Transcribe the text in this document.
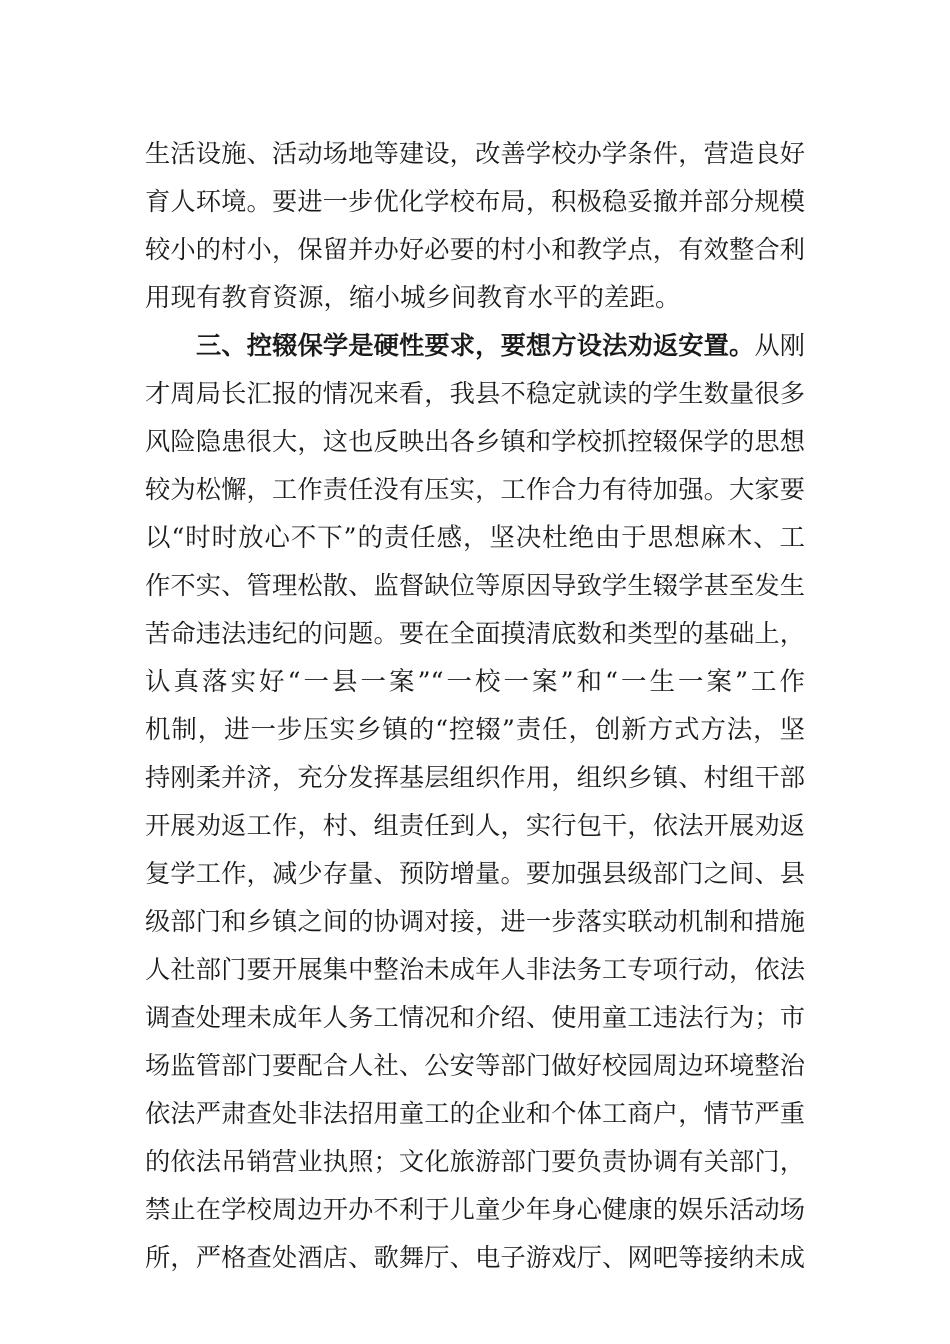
生活设施、活动场地等建设，改善学校办学条件，营造良好
育人环境。要进一步优化学校布局，积极稳妥撤并部分规模
较小的村小，保留并办好必要的村小和教学点，有效整合利
用现有教育资源，缩小城乡间教育水平的差距。
三、控辍保学是硬性要求，要想方设法劝返安置。从刚
才周局长汇报的情况来看，我县不稳定就读的学生数量很多
风险隐患很大，这也反映出各乡镇和学校抓控辍保学的思想
较为松懈，工作责任没有压实，工作合力有待加强。大家要
以“时时放心不下”的责任感，坚决杜绝由于思想麻木、工
作不实、管理松散、监督缺位等原因导致学生辍学甚至发生
苦命违法违纪的问题。要在全面摸清底数和类型的基础上，
认真落实好“一县一案”“一校一案”和“一生一案”工作
机制，进一步压实乡镇的“控辍”责任，创新方式方法，坚
持刚柔并济，充分发挥基层组织作用，组织乡镇、村组干部
开展劝返工作，村、组责任到人，实行包干，依法开展劝返
复学工作，减少存量、预防增量。要加强县级部门之间、县
级部门和乡镇之间的协调对接，进一步落实联动机制和措施
人社部门要开展集中整治未成年人非法务工专项行动，依法
调查处理未成年人务工情况和介绍、使用童工违法行为；市
场监管部门要配合人社、公安等部门做好校园周边环境整治
依法严肃查处非法招用童工的企业和个体工商户，情节严重
的依法吊销营业执照；文化旅游部门要负责协调有关部门，
禁止在学校周边开办不利于儿童少年身心健康的娱乐活动场
所，严格查处酒店、歌舞厅、电子游戏厅、网吧等接纳未成
